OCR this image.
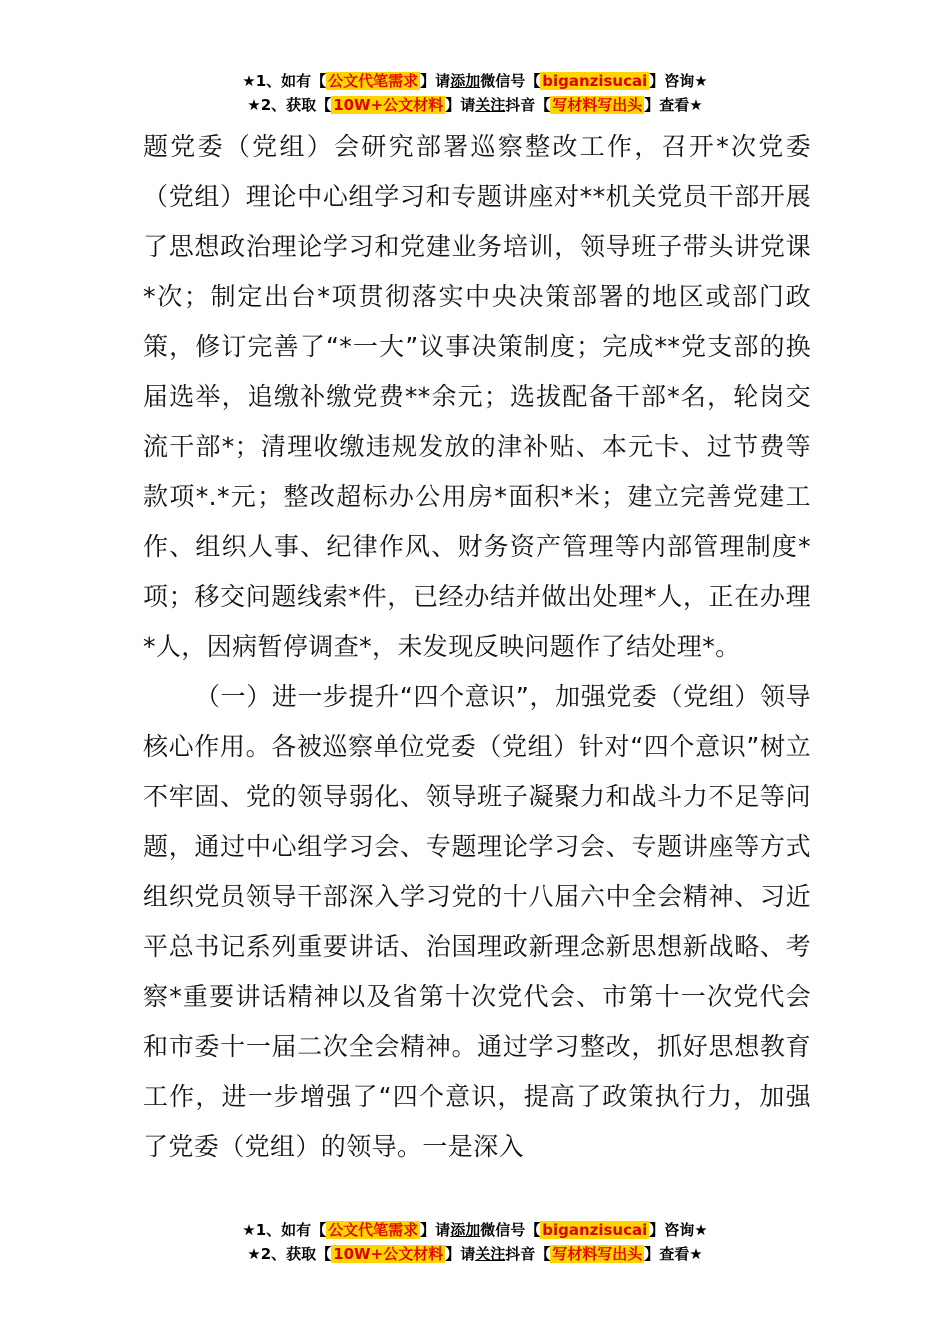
★1、如有【 公文代笔需求 】请添加微信号【 biganzisucai 】咨询★
★2、获取【 10W+公文材料 】请关注抖音【 写材料写出头 】查看★

题党委（党组）会研究部署巡察整改工作，召开*次党委（党组）理论中心组学习和专题讲座对**机关党员干部开展了思想政治理论学习和党建业务培训，领导班子带头讲党课*次；制定出台*项贯彻落实中央决策部署的地区或部门政策，修订完善了“*一大”议事决策制度；完成**党支部的换届选举，追缴补缴党费**余元；选拔配备干部*名，轮岗交流干部*；清理收缴违规发放的津补贴、本元卡、过节费等款项*.*元；整改超标办公用房*面积*米；建立完善党建工作、组织人事、纪律作风、财务资产管理等内部管理制度*项；移交问题线索*件，已经办结并做出处理*人，正在办理*人，因病暂停调查*，未发现反映问题作了结处理*。

（一）进一步提升“四个意识”，加强党委（党组）领导核心作用。各被巡察单位党委（党组）针对“四个意识”树立不牢固、党的领导弱化、领导班子凝聚力和战斗力不足等问题，通过中心组学习会、专题理论学习会、专题讲座等方式组织党员领导干部深入学习党的十八届六中全会精神、习近平总书记系列重要讲话、治国理政新理念新思想新战略、考察*重要讲话精神以及省第十次党代会、市第十一次党代会和市委十一届二次全会精神。通过学习整改，抓好思想教育工作，进一步增强了“四个意识，提高了政策执行力，加强了党委（党组）的领导。一是深入

★1、如有【 公文代笔需求 】请添加微信号【 biganzisucai 】咨询★
★2、获取【 10W+公文材料 】请关注抖音【 写材料写出头 】查看★
